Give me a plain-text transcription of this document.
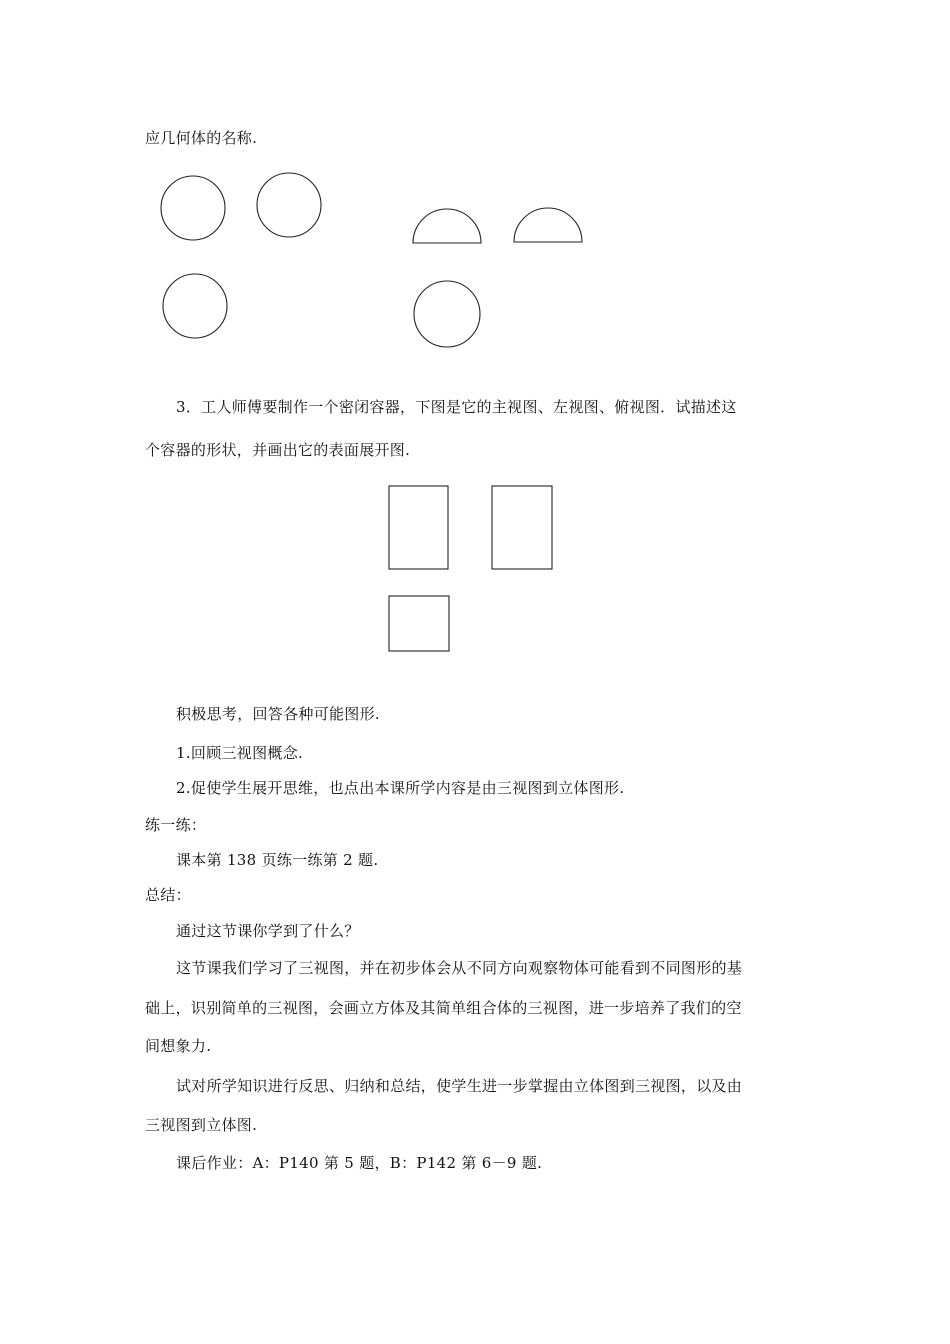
应几何体的名称.
3．工人师傅要制作一个密闭容器，下图是它的主视图、左视图、俯视图．试描述这
个容器的形状，并画出它的表面展开图.
积极思考，回答各种可能图形.
1.回顾三视图概念.
2.促使学生展开思维，也点出本课所学内容是由三视图到立体图形.
练一练：
课本第 138 页练一练第 2 题.
总结：
通过这节课你学到了什么？
这节课我们学习了三视图，并在初步体会从不同方向观察物体可能看到不同图形的基
础上，识别简单的三视图，会画立方体及其简单组合体的三视图，进一步培养了我们的空
间想象力.
试对所学知识进行反思、归纳和总结，使学生进一步掌握由立体图到三视图，以及由
三视图到立体图.
课后作业：A：P140 第 5 题，B：P142 第 6－9 题.
